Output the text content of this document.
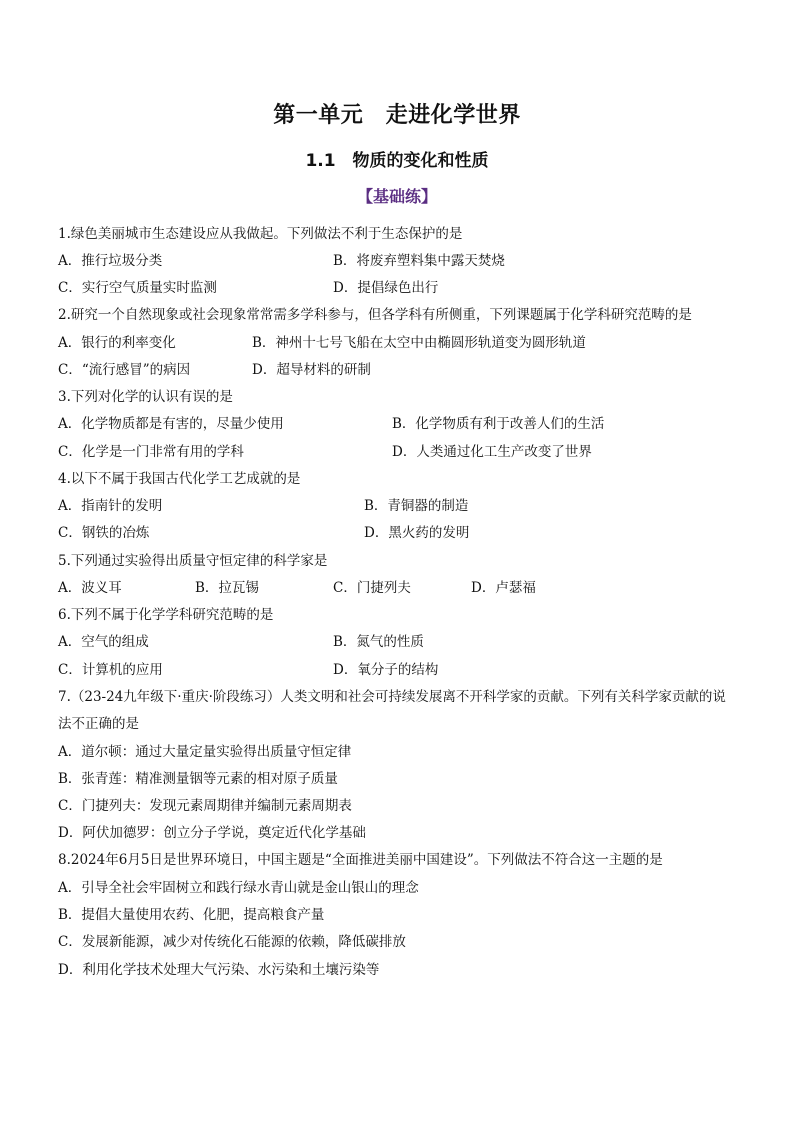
第一单元　走进化学世界
1.1　物质的变化和性质
【基础练】
1.绿色美丽城市生态建设应从我做起。下列做法不利于生态保护的是
A．推行垃圾分类	B．将废弃塑料集中露天焚烧
C．实行空气质量实时监测	D．提倡绿色出行
2.研究一个自然现象或社会现象常常需多学科参与，但各学科有所侧重，下列课题属于化学科研究范畴的是
A．银行的利率变化	B．神州十七号飞船在太空中由椭圆形轨道变为圆形轨道
C．“流行感冒”的病因	D．超导材料的研制
3.下列对化学的认识有误的是
A．化学物质都是有害的，尽量少使用	B．化学物质有利于改善人们的生活
C．化学是一门非常有用的学科	D．人类通过化工生产改变了世界
4.以下不属于我国古代化学工艺成就的是
A．指南针的发明	B．青铜器的制造
C．钢铁的冶炼	D．黑火药的发明
5.下列通过实验得出质量守恒定律的科学家是
A．波义耳	B．拉瓦锡	C．门捷列夫	D．卢瑟福
6.下列不属于化学学科研究范畴的是
A．空气的组成	B．氮气的性质
C．计算机的应用	D．氧分子的结构
7.（23-24九年级下·重庆·阶段练习）人类文明和社会可持续发展离不开科学家的贡献。下列有关科学家贡献的说
法不正确的是
A．道尔顿：通过大量定量实验得出质量守恒定律
B．张青莲：精准测量铟等元素的相对原子质量
C．门捷列夫：发现元素周期律并编制元素周期表
D．阿伏加德罗：创立分子学说，奠定近代化学基础
8.2024年6月5日是世界环境日，中国主题是“全面推进美丽中国建设”。下列做法不符合这一主题的是
A．引导全社会牢固树立和践行绿水青山就是金山银山的理念
B．提倡大量使用农药、化肥，提高粮食产量
C．发展新能源，减少对传统化石能源的依赖，降低碳排放
D．利用化学技术处理大气污染、水污染和土壤污染等
